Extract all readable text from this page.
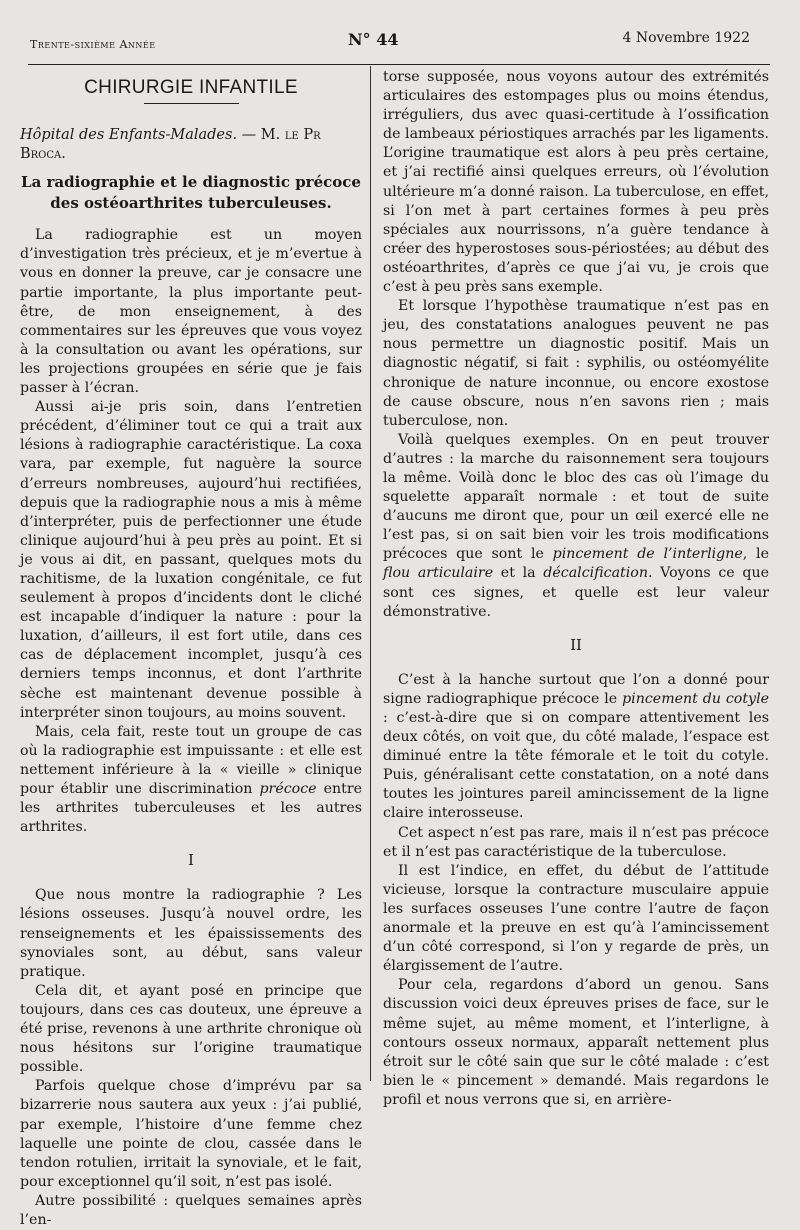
Trente-sixième Année	N° 44	4 Novembre 1922
CHIRURGIE INFANTILE
Hôpital des Enfants-Malades. — M. le Pr Broca.
La radiographie et le diagnostic précoce des ostéoarthrites tuberculeuses.

La radiographie est un moyen d’investigation très précieux, et je m’evertue à vous en donner la preuve, car je consacre une partie importante, la plus importante peut-être, de mon enseignement, à des commentaires sur les épreuves que vous voyez à la consultation ou avant les opérations, sur les projections groupées en série que je fais passer à l’écran.

Aussi ai-je pris soin, dans l’entretien précédent, d’éliminer tout ce qui a trait aux lésions à radiographie caractéristique. La coxa vara, par exemple, fut naguère la source d’erreurs nombreuses, aujourd’hui rectifiées, depuis que la radiographie nous a mis à même d’interpréter, puis de perfectionner une étude clinique aujourd’hui à peu près au point. Et si je vous ai dit, en passant, quelques mots du rachitisme, de la luxation congénitale, ce fut seulement à propos d’incidents dont le cliché est incapable d’indiquer la nature : pour la luxation, d’ailleurs, il est fort utile, dans ces cas de déplacement incomplet, jusqu’à ces derniers temps inconnus, et dont l’arthrite sèche est maintenant devenue possible à interpréter sinon toujours, au moins souvent.

Mais, cela fait, reste tout un groupe de cas où la radiographie est impuissante : et elle est nettement inférieure à la « vieille » clinique pour établir une discrimination précoce entre les arthrites tuberculeuses et les autres arthrites.

I

Que nous montre la radiographie ? Les lésions osseuses. Jusqu’à nouvel ordre, les renseignements et les épaississements des synoviales sont, au début, sans valeur pratique.

Cela dit, et ayant posé en principe que toujours, dans ces cas douteux, une épreuve a été prise, revenons à une arthrite chronique où nous hésitons sur l’origine traumatique possible.

Parfois quelque chose d’imprévu par sa bizarrerie nous sautera aux yeux : j’ai publié, par exemple, l’histoire d’une femme chez laquelle une pointe de clou, cassée dans le tendon rotulien, irritait la synoviale, et le fait, pour exceptionnel qu’il soit, n’est pas isolé.

Autre possibilité : quelques semaines après l’en-

torse supposée, nous voyons autour des extrémités articulaires des estompages plus ou moins étendus, irréguliers, dus avec quasi-certitude à l’ossification de lambeaux périostiques arrachés par les ligaments. L’origine traumatique est alors à peu près certaine, et j’ai rectifié ainsi quelques erreurs, où l’évolution ultérieure m’a donné raison. La tuberculose, en effet, si l’on met à part certaines formes à peu près spéciales aux nourrissons, n’a guère tendance à créer des hyperostoses sous-périostées; au début des ostéoarthrites, d’après ce que j’ai vu, je crois que c’est à peu près sans exemple.

Et lorsque l’hypothèse traumatique n’est pas en jeu, des constatations analogues peuvent ne pas nous permettre un diagnostic positif. Mais un diagnostic négatif, si fait : syphilis, ou ostéomyélite chronique de nature inconnue, ou encore exostose de cause obscure, nous n’en savons rien ; mais tuberculose, non.

Voilà quelques exemples. On en peut trouver d’autres : la marche du raisonnement sera toujours la même. Voilà donc le bloc des cas où l’image du squelette apparaît normale : et tout de suite d’aucuns me diront que, pour un œil exercé elle ne l’est pas, si on sait bien voir les trois modifications précoces que sont le pincement de l’interligne, le flou articulaire et la décalcification. Voyons ce que sont ces signes, et quelle est leur valeur démonstrative.

II

C’est à la hanche surtout que l’on a donné pour signe radiographique précoce le pincement du cotyle : c’est-à-dire que si on compare attentivement les deux côtés, on voit que, du côté malade, l’espace est diminué entre la tête fémorale et le toit du cotyle. Puis, généralisant cette constatation, on a noté dans toutes les jointures pareil amincissement de la ligne claire interosseuse.

Cet aspect n’est pas rare, mais il n’est pas précoce et il n’est pas caractéristique de la tuberculose.

Il est l’indice, en effet, du début de l’attitude vicieuse, lorsque la contracture musculaire appuie les surfaces osseuses l’une contre l’autre de façon anormale et la preuve en est qu’à l’amincissement d’un côté correspond, si l’on y regarde de près, un élargissement de l’autre.

Pour cela, regardons d’abord un genou. Sans discussion voici deux épreuves prises de face, sur le même sujet, au même moment, et l’interligne, à contours osseux normaux, apparaît nettement plus étroit sur le côté sain que sur le côté malade : c’est bien le « pincement » demandé. Mais regardons le profil et nous verrons que si, en arrière-
